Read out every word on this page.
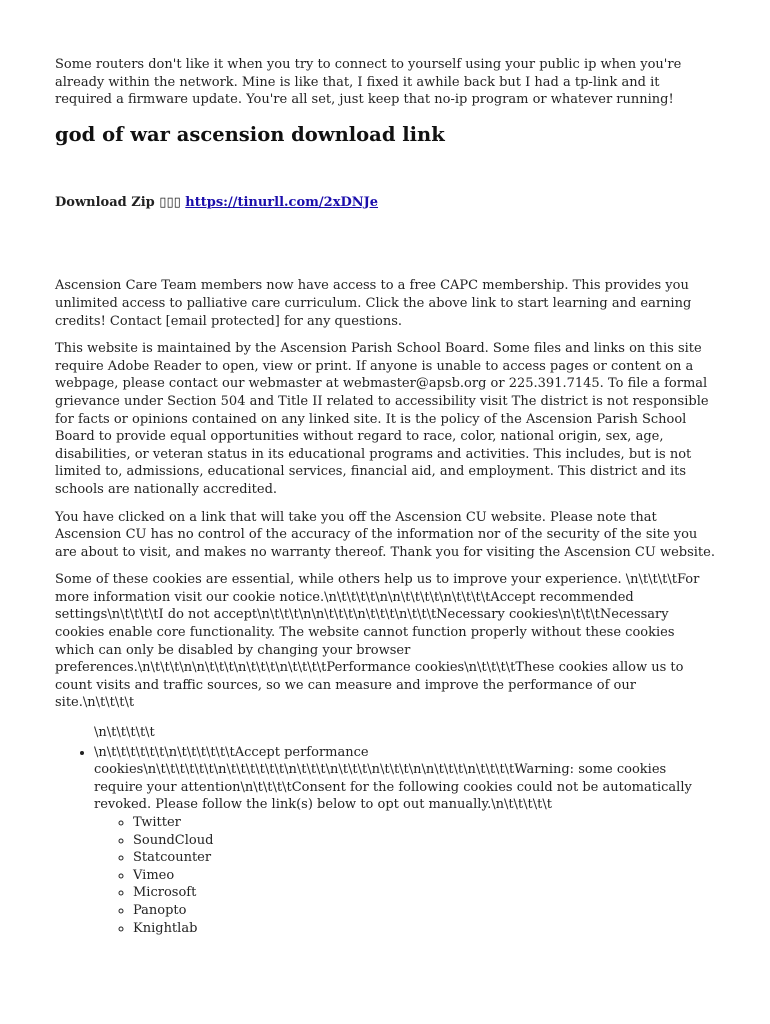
Some routers don't like it when you try to connect to yourself using your public ip when you're already within the network. Mine is like that, I fixed it awhile back but I had a tp-link and it required a firmware update. You're all set, just keep that no-ip program or whatever running!

god of war ascension download link

Download Zip ▯▯▯ https://tinurll.com/2xDNJe

Ascension Care Team members now have access to a free CAPC membership. This provides you unlimited access to palliative care curriculum. Click the above link to start learning and earning credits! Contact [email protected] for any questions.

This website is maintained by the Ascension Parish School Board. Some files and links on this site require Adobe Reader to open, view or print. If anyone is unable to access pages or content on a webpage, please contact our webmaster at webmaster@apsb.org or 225.391.7145. To file a formal grievance under Section 504 and Title II related to accessibility visit The district is not responsible for facts or opinions contained on any linked site. It is the policy of the Ascension Parish School Board to provide equal opportunities without regard to race, color, national origin, sex, age, disabilities, or veteran status in its educational programs and activities. This includes, but is not limited to, admissions, educational services, financial aid, and employment. This district and its schools are nationally accredited.

You have clicked on a link that will take you off the Ascension CU website. Please note that Ascension CU has no control of the accuracy of the information nor of the security of the site you are about to visit, and makes no warranty thereof. Thank you for visiting the Ascension CU website.

Some of these cookies are essential, while others help us to improve your experience. \n\t\t\t\tFor more information visit our cookie notice.\n\t\t\t\t\n\n\t\t\t\t\n\t\t\t\tAccept recommended settings\n\t\t\t\tI do not accept\n\t\t\t\n\n\t\t\t\n\t\t\t\n\t\t\tNecessary cookies\n\t\t\tNecessary cookies enable core functionality. The website cannot function properly without these cookies which can only be disabled by changing your browser preferences.\n\t\t\t\n\n\t\t\t\n\t\t\t\n\t\t\t\tPerformance cookies\n\t\t\t\tThese cookies allow us to count visits and traffic sources, so we can measure and improve the performance of our site.\n\t\t\t\t

\n\t\t\t\t\t
• \n\t\t\t\t\t\t\n\t\t\t\t\t\tAccept performance cookies\n\t\t\t\t\t\t\n\t\t\t\t\t\t\n\t\t\t\n\t\t\t\n\t\t\t\n\n\t\t\t\n\t\t\t\tWarning: some cookies require your attention\n\t\t\t\tConsent for the following cookies could not be automatically revoked. Please follow the link(s) below to opt out manually.\n\t\t\t\t\t
◦ Twitter
◦ SoundCloud
◦ Statcounter
◦ Vimeo
◦ Microsoft
◦ Panopto
◦ Knightlab
